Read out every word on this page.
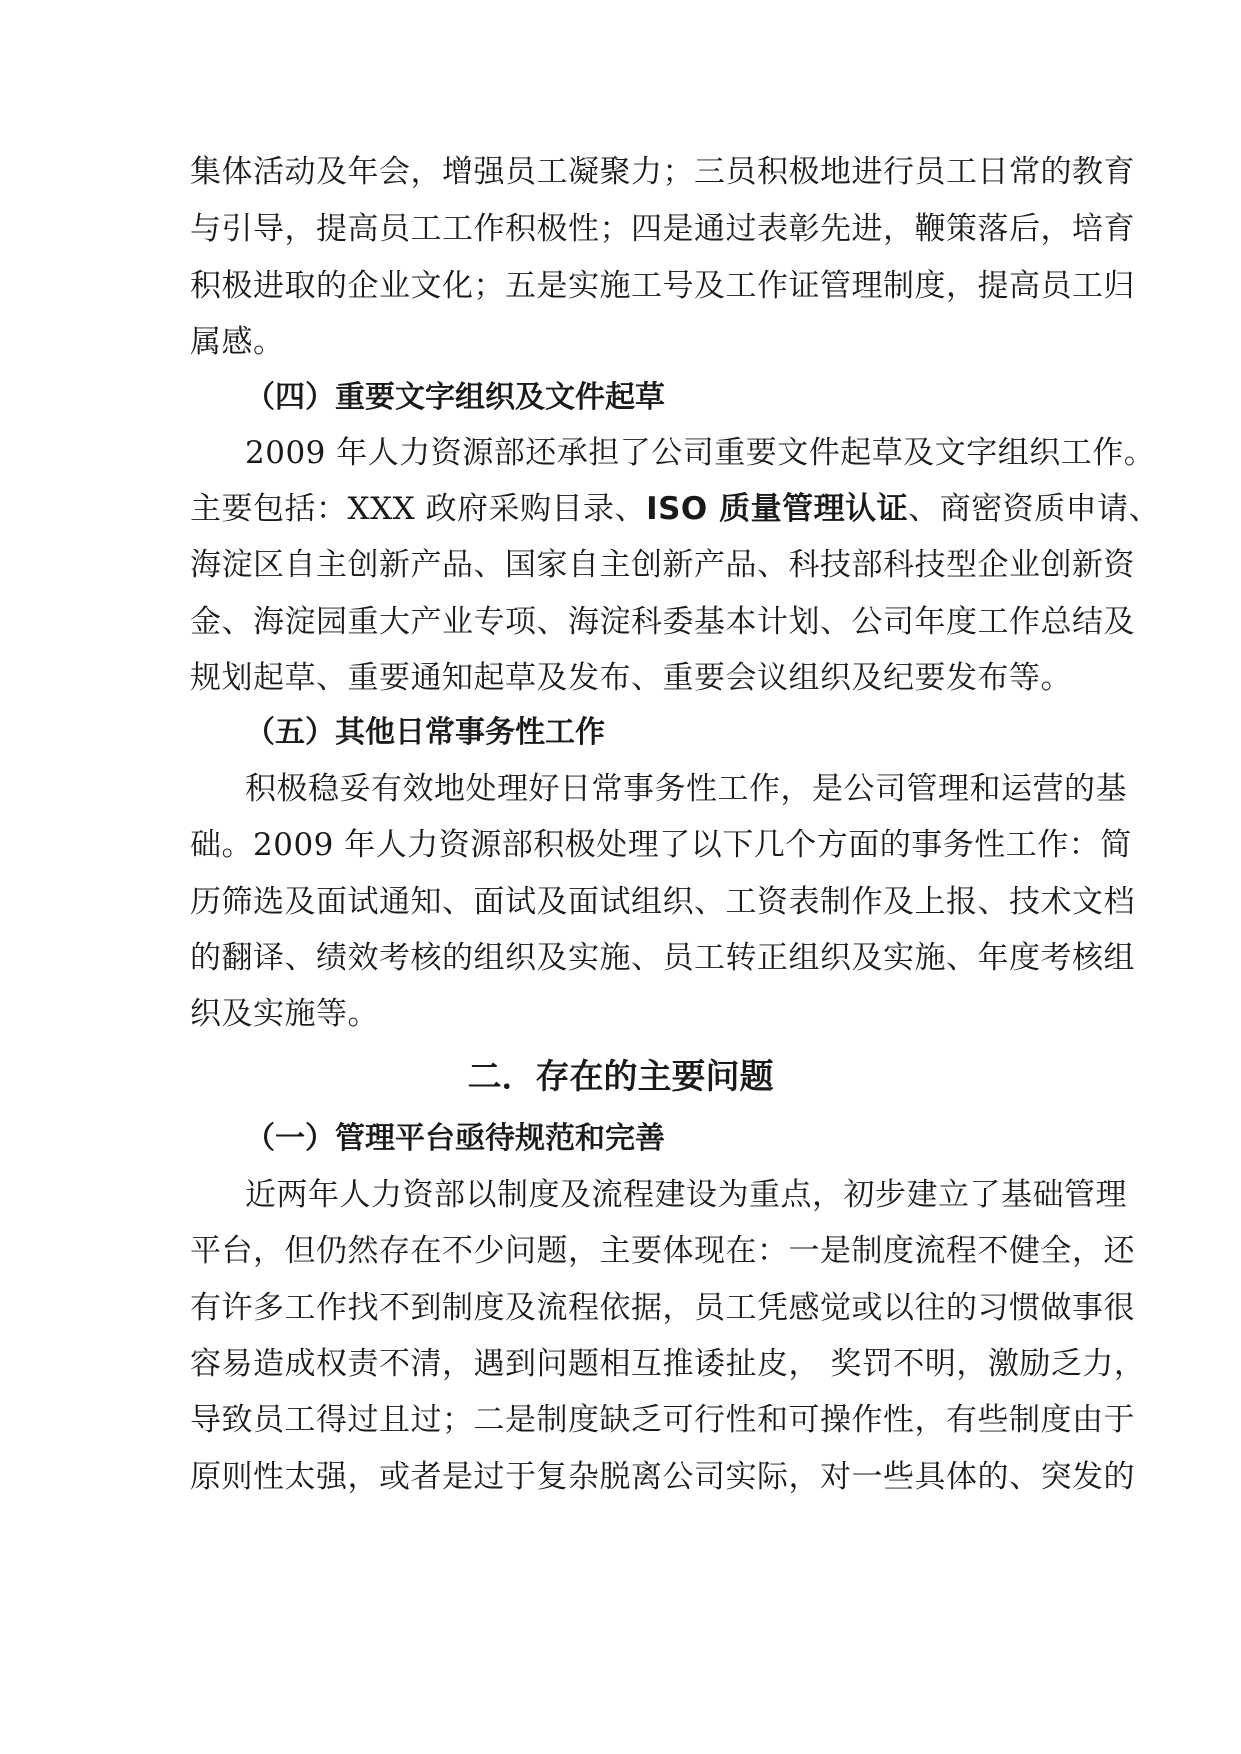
集体活动及年会，增强员工凝聚力；三员积极地进行员工日常的教育
与引导，提高员工工作积极性；四是通过表彰先进，鞭策落后，培育
积极进取的企业文化；五是实施工号及工作证管理制度，提高员工归
属感。
（四）重要文字组织及文件起草
2009 年人力资源部还承担了公司重要文件起草及文字组织工作。
主要包括：XXX 政府采购目录、ISO 质量管理认证、商密资质申请、
海淀区自主创新产品、国家自主创新产品、科技部科技型企业创新资
金、海淀园重大产业专项、海淀科委基本计划、公司年度工作总结及
规划起草、重要通知起草及发布、重要会议组织及纪要发布等。
（五）其他日常事务性工作
积极稳妥有效地处理好日常事务性工作，是公司管理和运营的基
础。2009 年人力资源部积极处理了以下几个方面的事务性工作：简
历筛选及面试通知、面试及面试组织、工资表制作及上报、技术文档
的翻译、绩效考核的组织及实施、员工转正组织及实施、年度考核组
织及实施等。
二．存在的主要问题
（一）管理平台亟待规范和完善
近两年人力资部以制度及流程建设为重点，初步建立了基础管理
平台，但仍然存在不少问题，主要体现在：一是制度流程不健全，还
有许多工作找不到制度及流程依据，员工凭感觉或以往的习惯做事很
容易造成权责不清，遇到问题相互推诿扯皮， 奖罚不明，激励乏力，
导致员工得过且过；二是制度缺乏可行性和可操作性，有些制度由于
原则性太强，或者是过于复杂脱离公司实际，对一些具体的、突发的
